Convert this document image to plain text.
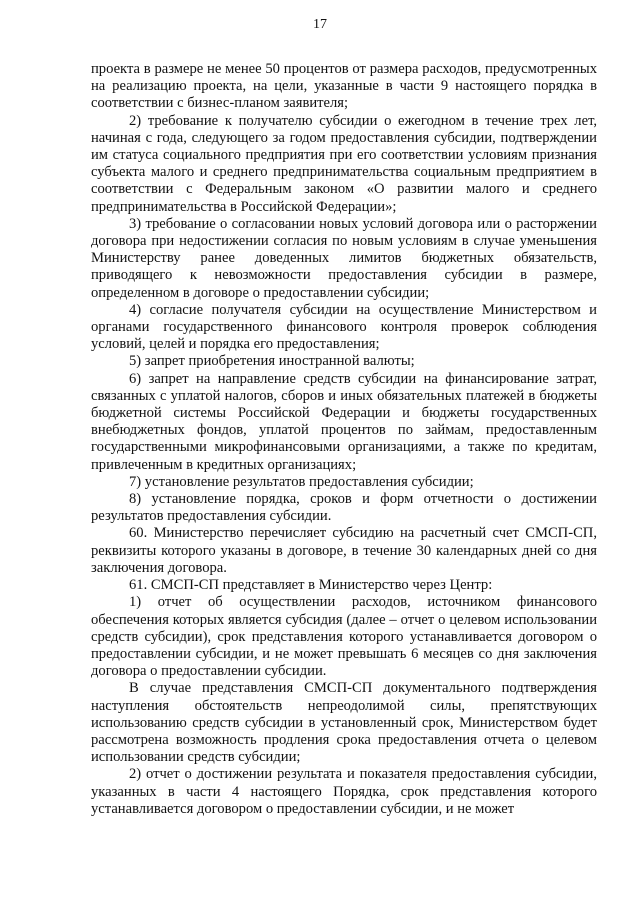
17

проекта в размере не менее 50 процентов от размера расходов, предусмотренных на реализацию проекта, на цели, указанные в части 9 настоящего порядка в соответствии с бизнес-планом заявителя;

2) требование к получателю субсидии о ежегодном в течение трех лет, начиная с года, следующего за годом предоставления субсидии, подтверждении им статуса социального предприятия при его соответствии условиям признания субъекта малого и среднего предпринимательства социальным предприятием в соответствии с Федеральным законом «О развитии малого и среднего предпринимательства в Российской Федерации»;

3) требование о согласовании новых условий договора или о расторжении договора при недостижении согласия по новым условиям в случае уменьшения Министерству ранее доведенных лимитов бюджетных обязательств, приводящего к невозможности предоставления субсидии в размере, определенном в договоре о предоставлении субсидии;

4) согласие получателя субсидии на осуществление Министерством и органами государственного финансового контроля проверок соблюдения условий, целей и порядка его предоставления;

5) запрет приобретения иностранной валюты;

6) запрет на направление средств субсидии на финансирование затрат, связанных с уплатой налогов, сборов и иных обязательных платежей в бюджеты бюджетной системы Российской Федерации и бюджеты государственных внебюджетных фондов, уплатой процентов по займам, предоставленным государственными микрофинансовыми организациями, а также по кредитам, привлеченным в кредитных организациях;

7) установление результатов предоставления субсидии;

8) установление порядка, сроков и форм отчетности о достижении результатов предоставления субсидии.

60. Министерство перечисляет субсидию на расчетный счет СМСП-СП, реквизиты которого указаны в договоре, в течение 30 календарных дней со дня заключения договора.

61. СМСП-СП представляет в Министерство через Центр:

1) отчет об осуществлении расходов, источником финансового обеспечения которых является субсидия (далее – отчет о целевом использовании средств субсидии), срок представления которого устанавливается договором о предоставлении субсидии, и не может превышать 6 месяцев со дня заключения договора о предоставлении субсидии.

В случае представления СМСП-СП документального подтверждения наступления обстоятельств непреодолимой силы, препятствующих использованию средств субсидии в установленный срок, Министерством будет рассмотрена возможность продления срока предоставления отчета о целевом использовании средств субсидии;

2) отчет о достижении результата и показателя предоставления субсидии, указанных в части 4 настоящего Порядка, срок представления которого устанавливается договором о предоставлении субсидии, и не может
